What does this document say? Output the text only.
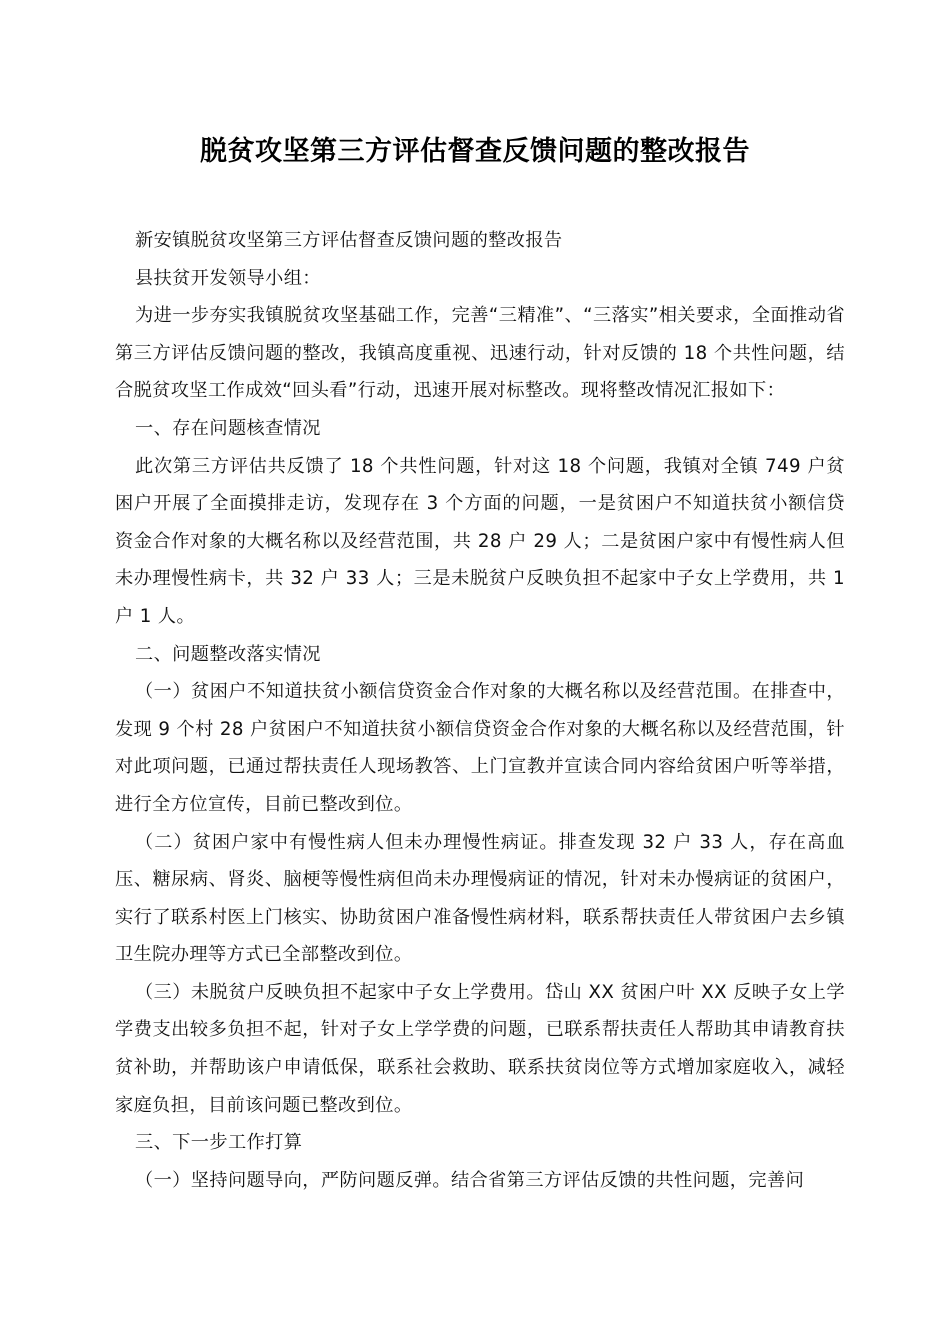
脱贫攻坚第三方评估督查反馈问题的整改报告

新安镇脱贫攻坚第三方评估督查反馈问题的整改报告

县扶贫开发领导小组：

为进一步夯实我镇脱贫攻坚基础工作，完善“三精准”、“三落实”相关要求，全面推动省第三方评估反馈问题的整改，我镇高度重视、迅速行动，针对反馈的 18 个共性问题，结合脱贫攻坚工作成效“回头看”行动，迅速开展对标整改。现将整改情况汇报如下：

一、存在问题核查情况

此次第三方评估共反馈了 18 个共性问题，针对这 18 个问题，我镇对全镇 749 户贫困户开展了全面摸排走访，发现存在 3 个方面的问题，一是贫困户不知道扶贫小额信贷资金合作对象的大概名称以及经营范围，共 28 户 29 人；二是贫困户家中有慢性病人但未办理慢性病卡，共 32 户 33 人；三是未脱贫户反映负担不起家中子女上学费用，共 1 户 1 人。

二、问题整改落实情况

（一）贫困户不知道扶贫小额信贷资金合作对象的大概名称以及经营范围。在排查中，发现 9 个村 28 户贫困户不知道扶贫小额信贷资金合作对象的大概名称以及经营范围，针对此项问题，已通过帮扶责任人现场教答、上门宣教并宣读合同内容给贫困户听等举措，进行全方位宣传，目前已整改到位。

（二）贫困户家中有慢性病人但未办理慢性病证。排查发现 32 户 33 人，存在高血压、糖尿病、肾炎、脑梗等慢性病但尚未办理慢病证的情况，针对未办慢病证的贫困户，实行了联系村医上门核实、协助贫困户准备慢性病材料，联系帮扶责任人带贫困户去乡镇卫生院办理等方式已全部整改到位。

（三）未脱贫户反映负担不起家中子女上学费用。岱山 XX 贫困户叶 XX 反映子女上学学费支出较多负担不起，针对子女上学学费的问题，已联系帮扶责任人帮助其申请教育扶贫补助，并帮助该户申请低保，联系社会救助、联系扶贫岗位等方式增加家庭收入，减轻家庭负担，目前该问题已整改到位。

三、下一步工作打算

（一）坚持问题导向，严防问题反弹。结合省第三方评估反馈的共性问题，完善问
